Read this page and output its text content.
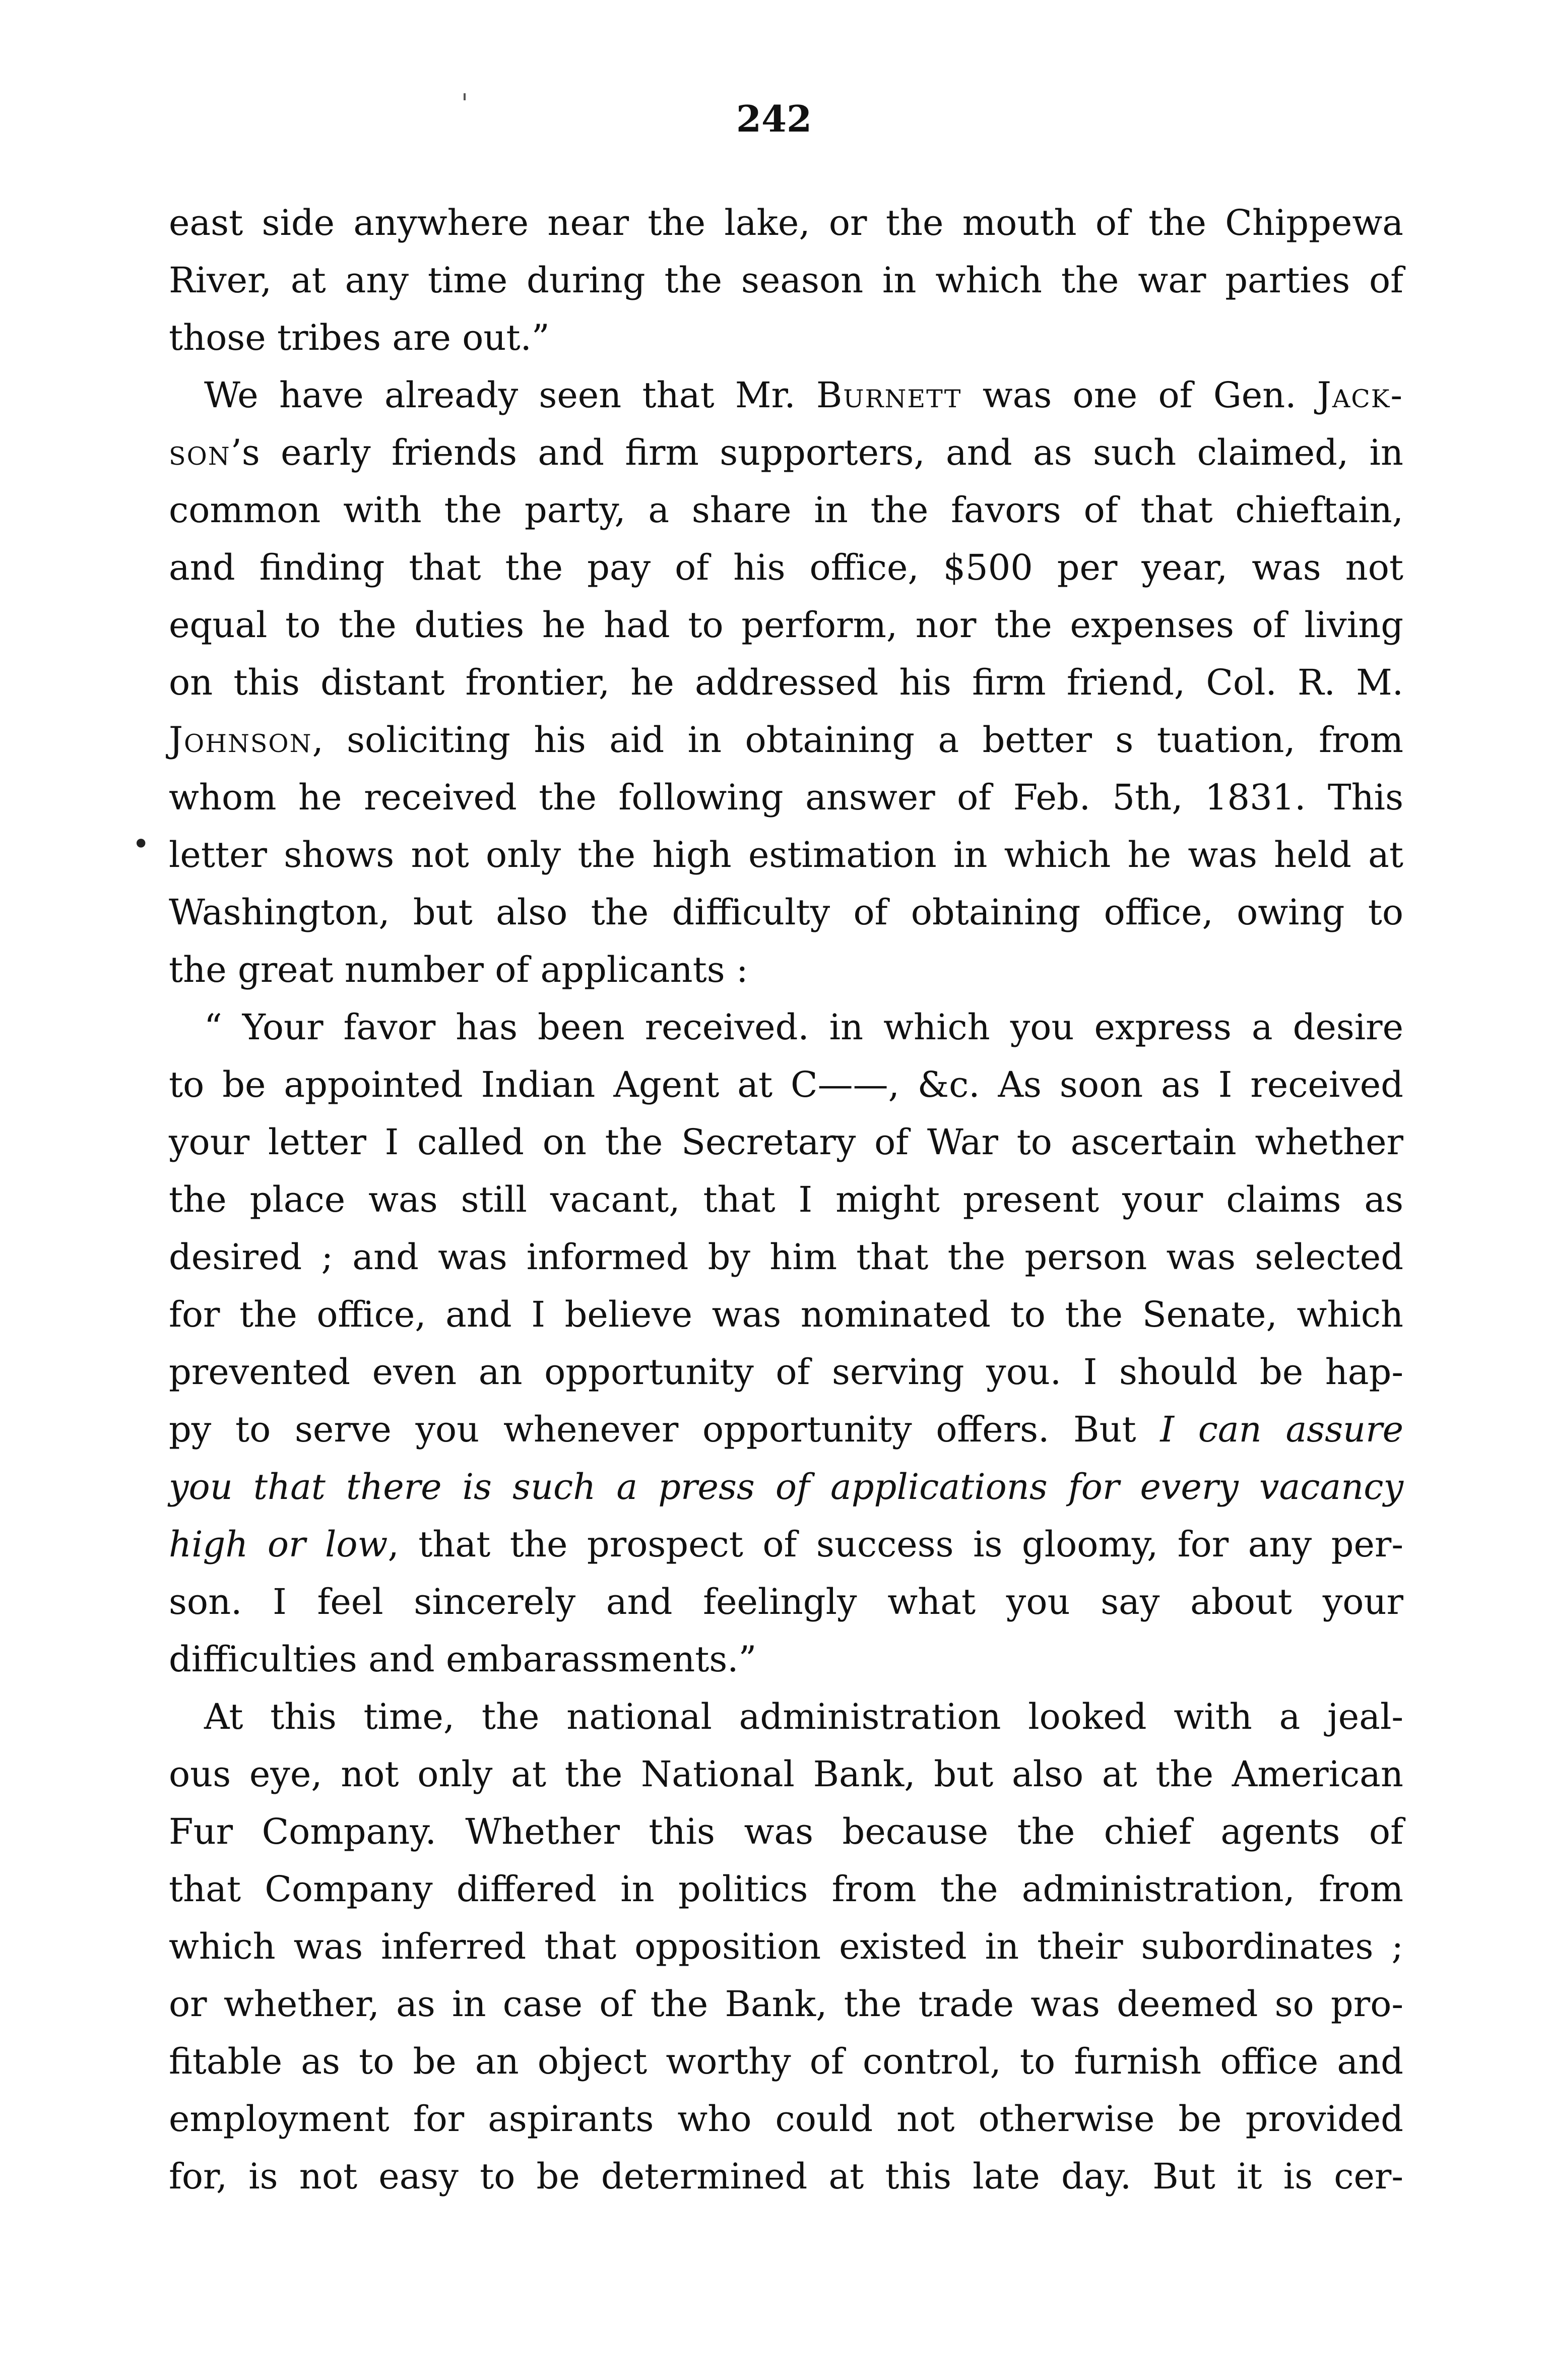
242
•
east side anywhere near the lake, or the mouth of the Chippewa
River, at any time during the season in which the war parties of
those tribes are out.”
We have already seen that Mr. Burnett was one of Gen. Jack-
son’s early friends and firm supporters, and as such claimed, in
common with the party, a share in the favors of that chieftain,
and finding that the pay of his office, $500 per year, was not
equal to the duties he had to perform, nor the expenses of living
on this distant frontier, he addressed his firm friend, Col. R. M.
Johnson, soliciting his aid in obtaining a better s tuation, from
whom he received the following answer of Feb. 5th, 1831. This
letter shows not only the high estimation in which he was held at
Washington, but also the difficulty of obtaining office, owing to
the great number of applicants :
“ Your favor has been received. in which you express a desire
to be appointed Indian Agent at C——, &c. As soon as I received
your letter I called on the Secretary of War to ascertain whether
the place was still vacant, that I might present your claims as
desired ; and was informed by him that the person was selected
for the office, and I believe was nominated to the Senate, which
prevented even an opportunity of serving you. I should be hap-
py to serve you whenever opportunity offers. But I can assure
you that there is such a press of applications for every vacancy
high or low, that the prospect of success is gloomy, for any per-
son. I feel sincerely and feelingly what you say about your
difficulties and embarassments.”
At this time, the national administration looked with a jeal-
ous eye, not only at the National Bank, but also at the American
Fur Company. Whether this was because the chief agents of
that Company differed in politics from the administration, from
which was inferred that opposition existed in their subordinates ;
or whether, as in case of the Bank, the trade was deemed so pro-
fitable as to be an object worthy of control, to furnish office and
employment for aspirants who could not otherwise be provided
for, is not easy to be determined at this late day. But it is cer-
